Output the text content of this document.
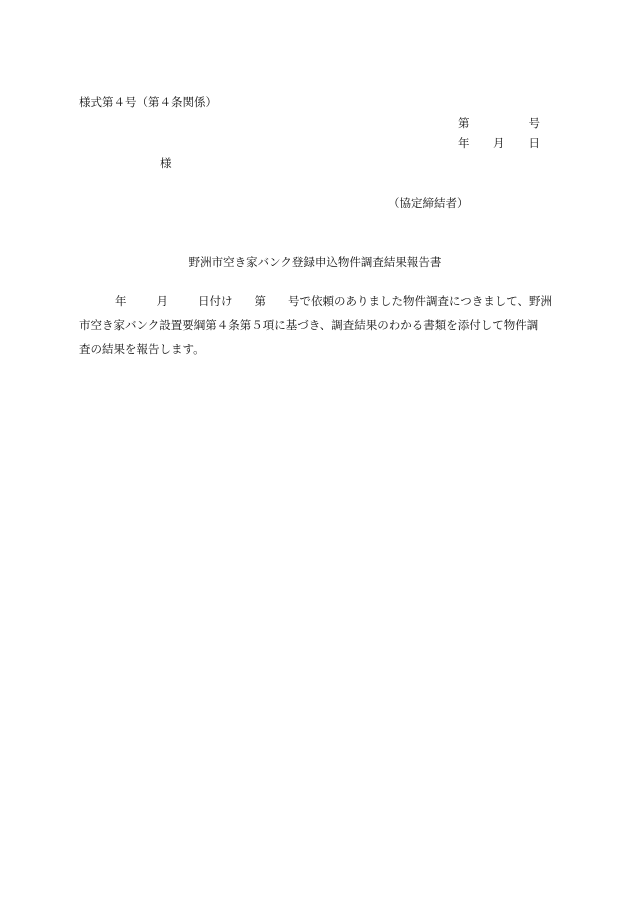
様式第４号（第４条関係）
第	号
年 月 日
様
（協定締結者）
野洲市空き家バンク登録申込物件調査結果報告書
年	月	日付け 第 号で依頼のありました物件調査につきまして、野洲
市空き家バンク設置要綱第４条第５項に基づき、調査結果のわかる書類を添付して物件調
査の結果を報告します。
